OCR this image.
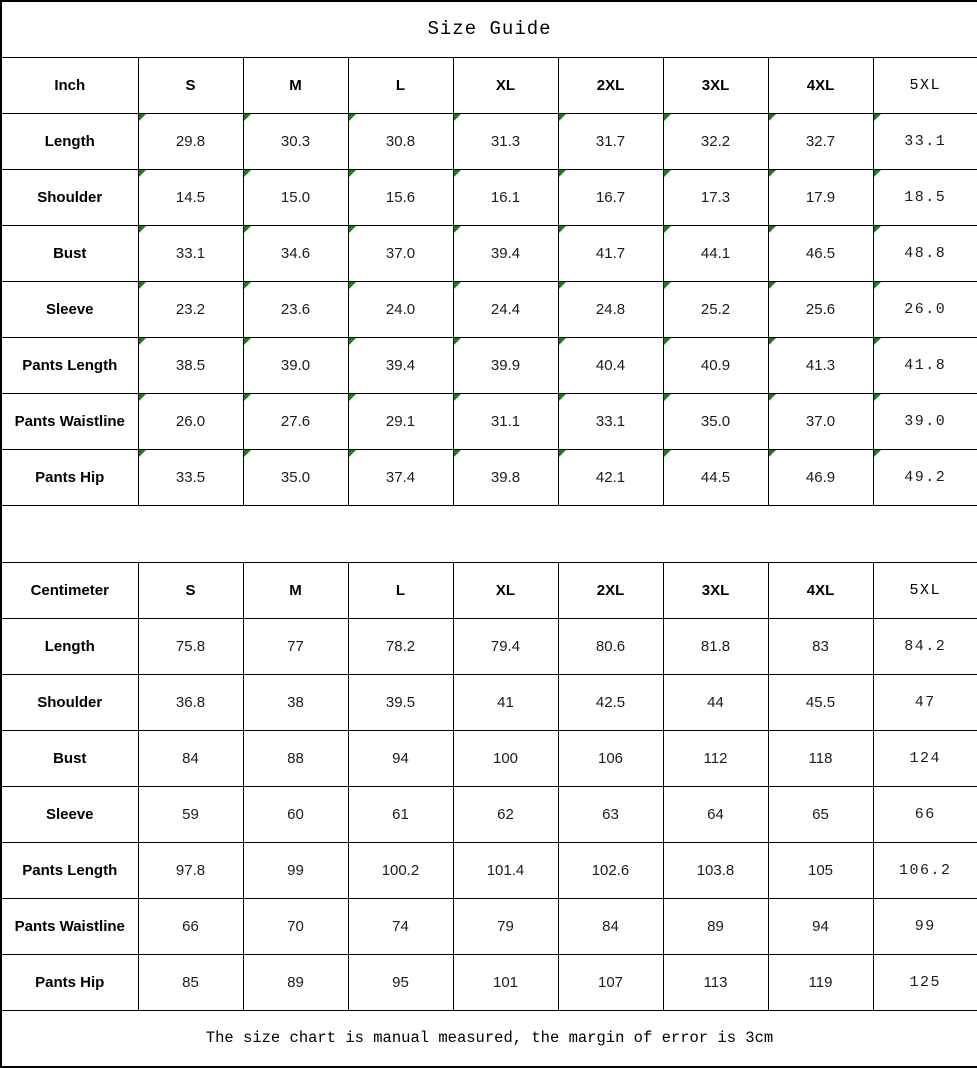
Size Guide								
Inch	S	M	L	XL	2XL	3XL	4XL	5XL
Length	29.8	30.3	30.8	31.3	31.7	32.2	32.7	33.1
Shoulder	14.5	15.0	15.6	16.1	16.7	17.3	17.9	18.5
Bust	33.1	34.6	37.0	39.4	41.7	44.1	46.5	48.8
Sleeve	23.2	23.6	24.0	24.4	24.8	25.2	25.6	26.0
Pants Length	38.5	39.0	39.4	39.9	40.4	40.9	41.3	41.8
Pants Waistline	26.0	27.6	29.1	31.1	33.1	35.0	37.0	39.0
Pants Hip	33.5	35.0	37.4	39.8	42.1	44.5	46.9	49.2

Centimeter	S	M	L	XL	2XL	3XL	4XL	5XL
Length	75.8	77	78.2	79.4	80.6	81.8	83	84.2
Shoulder	36.8	38	39.5	41	42.5	44	45.5	47
Bust	84	88	94	100	106	112	118	124
Sleeve	59	60	61	62	63	64	65	66
Pants Length	97.8	99	100.2	101.4	102.6	103.8	105	106.2
Pants Waistline	66	70	74	79	84	89	94	99
Pants Hip	85	89	95	101	107	113	119	125
The size chart is manual measured, the margin of error is 3cm								
